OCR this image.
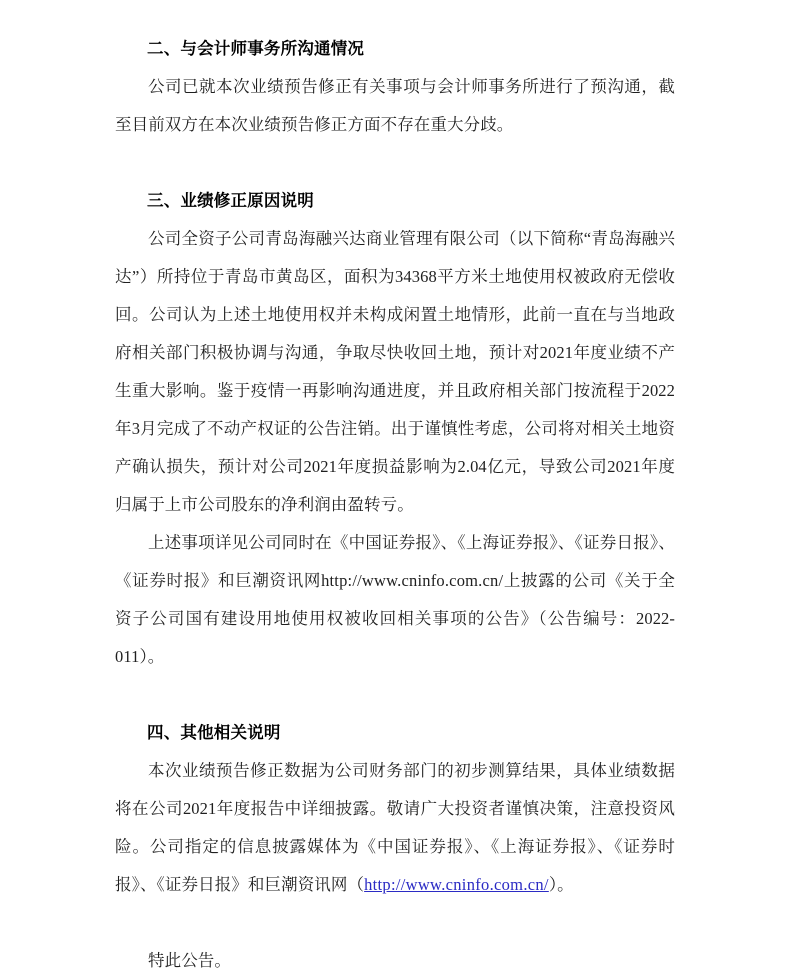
二、与会计师事务所沟通情况

公司已就本次业绩预告修正有关事项与会计师事务所进行了预沟通，截至目前双方在本次业绩预告修正方面不存在重大分歧。

三、业绩修正原因说明

公司全资子公司青岛海融兴达商业管理有限公司（以下简称“青岛海融兴达”）所持位于青岛市黄岛区，面积为34368平方米土地使用权被政府无偿收回。公司认为上述土地使用权并未构成闲置土地情形，此前一直在与当地政府相关部门积极协调与沟通，争取尽快收回土地，预计对2021年度业绩不产生重大影响。鉴于疫情一再影响沟通进度，并且政府相关部门按流程于2022年3月完成了不动产权证的公告注销。出于谨慎性考虑，公司将对相关土地资产确认损失，预计对公司2021年度损益影响为2.04亿元，导致公司2021年度归属于上市公司股东的净利润由盈转亏。

上述事项详见公司同时在《中国证券报》、《上海证券报》、《证券日报》、《证券时报》和巨潮资讯网http://www.cninfo.com.cn/上披露的公司《关于全资子公司国有建设用地使用权被收回相关事项的公告》（公告编号：2022-011）。

四、其他相关说明

本次业绩预告修正数据为公司财务部门的初步测算结果，具体业绩数据将在公司2021年度报告中详细披露。敬请广大投资者谨慎决策，注意投资风险。公司指定的信息披露媒体为《中国证券报》、《上海证券报》、《证券时报》、《证券日报》和巨潮资讯网（http://www.cninfo.com.cn/）。

特此公告。
